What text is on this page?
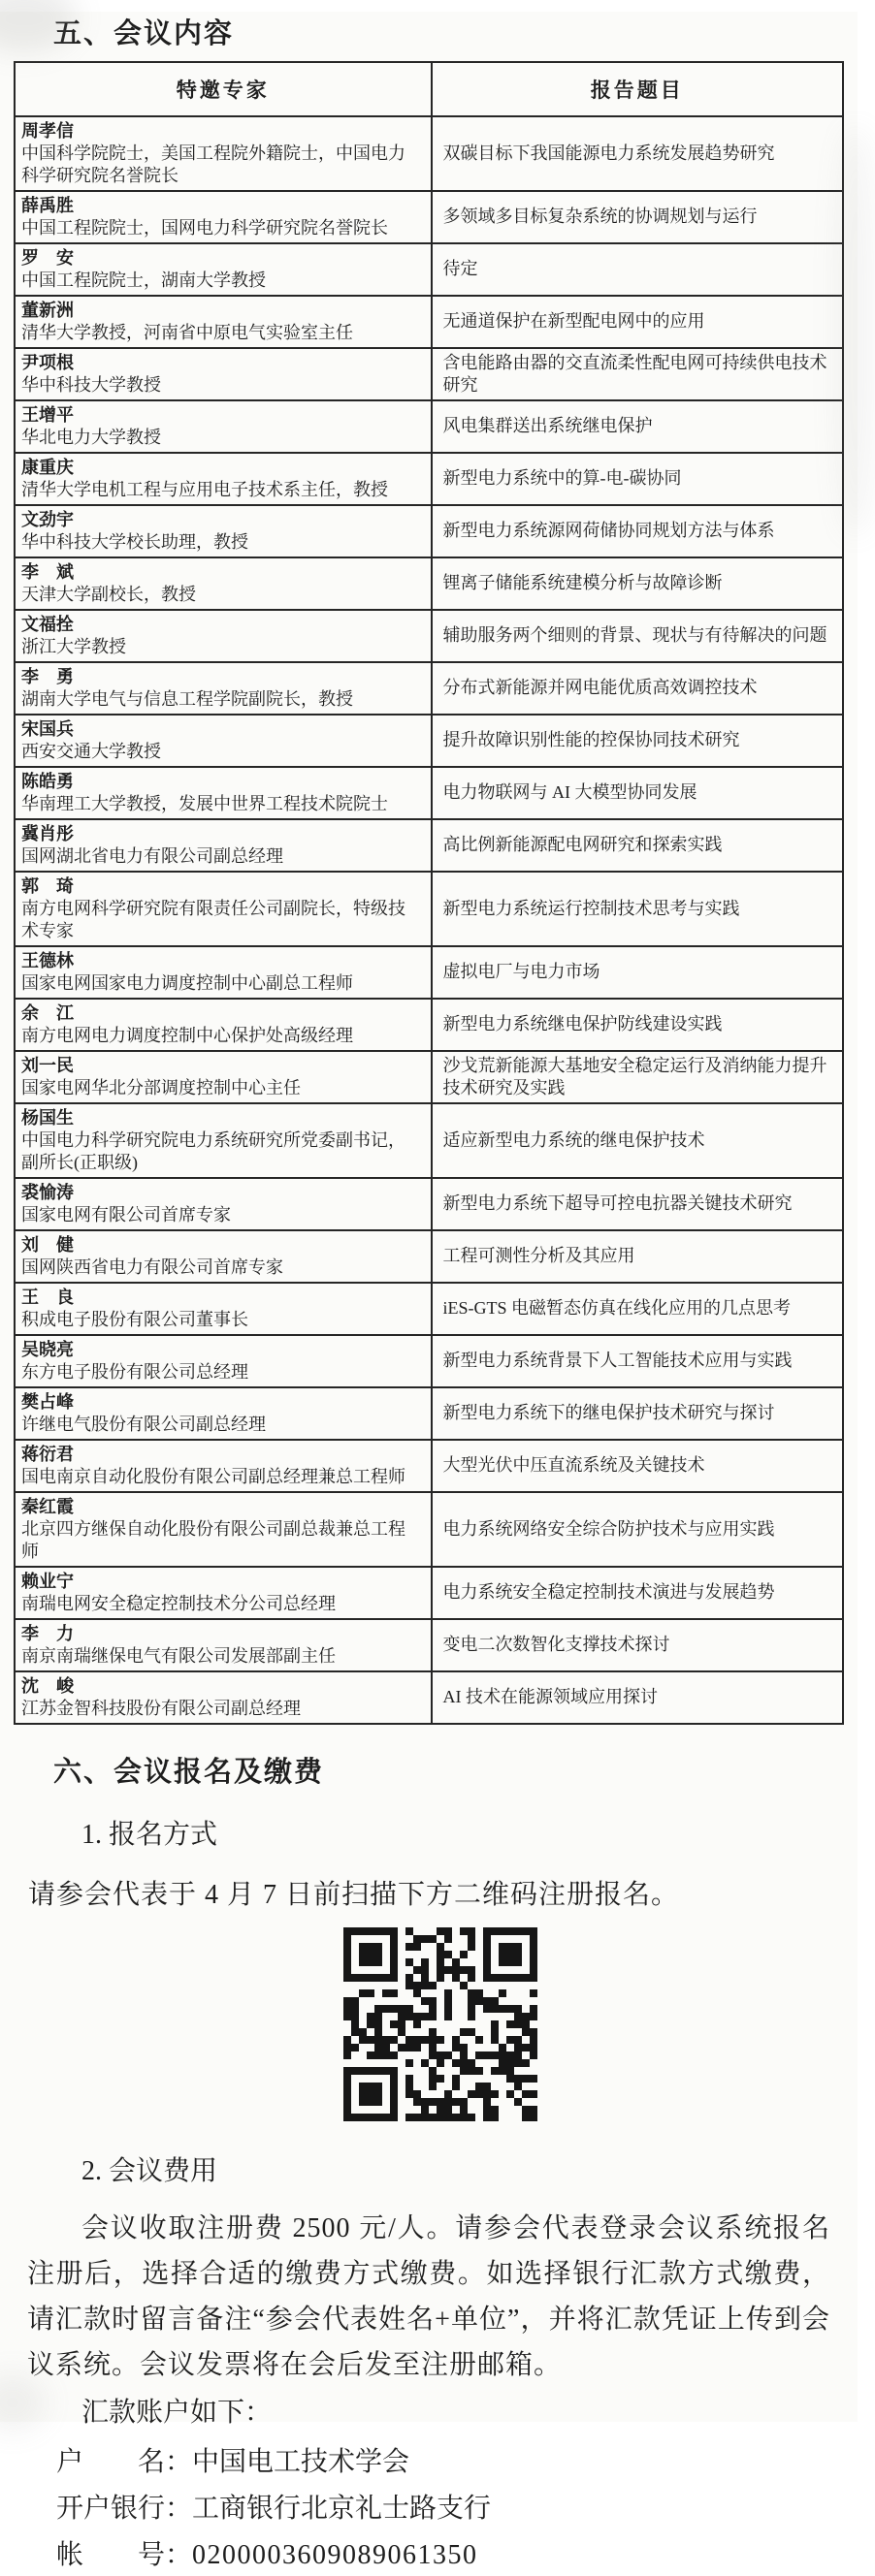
五、会议内容
特邀专家	报告题目

周孝信
中国科学院院士，美国工程院外籍院士，中国电力科学研究院名誉院长	双碳目标下我国能源电力系统发展趋势研究

薛禹胜
中国工程院院士，国网电力科学研究院名誉院长	多领域多目标复杂系统的协调规划与运行

罗　安
中国工程院院士，湖南大学教授	待定

董新洲
清华大学教授，河南省中原电气实验室主任	无通道保护在新型配电网中的应用

尹项根
华中科技大学教授	含电能路由器的交直流柔性配电网可持续供电技术研究

王增平
华北电力大学教授	风电集群送出系统继电保护

康重庆
清华大学电机工程与应用电子技术系主任，教授	新型电力系统中的算-电-碳协同

文劲宇
华中科技大学校长助理，教授	新型电力系统源网荷储协同规划方法与体系

李　斌
天津大学副校长，教授	锂离子储能系统建模分析与故障诊断

文福拴
浙江大学教授	辅助服务两个细则的背景、现状与有待解决的问题

李　勇
湖南大学电气与信息工程学院副院长，教授	分布式新能源并网电能优质高效调控技术

宋国兵
西安交通大学教授	提升故障识别性能的控保协同技术研究

陈皓勇
华南理工大学教授，发展中世界工程技术院院士	电力物联网与 AI 大模型协同发展

冀肖彤
国网湖北省电力有限公司副总经理	高比例新能源配电网研究和探索实践

郭　琦
南方电网科学研究院有限责任公司副院长，特级技术专家	新型电力系统运行控制技术思考与实践

王德林
国家电网国家电力调度控制中心副总工程师	虚拟电厂与电力市场

余　江
南方电网电力调度控制中心保护处高级经理	新型电力系统继电保护防线建设实践

刘一民
国家电网华北分部调度控制中心主任	沙戈荒新能源大基地安全稳定运行及消纳能力提升技术研究及实践

杨国生
中国电力科学研究院电力系统研究所党委副书记，副所长(正职级)	适应新型电力系统的继电保护技术

裘愉涛
国家电网有限公司首席专家	新型电力系统下超导可控电抗器关键技术研究

刘　健
国网陕西省电力有限公司首席专家	工程可测性分析及其应用

王　良
积成电子股份有限公司董事长	iES-GTS 电磁暂态仿真在线化应用的几点思考

吴晓亮
东方电子股份有限公司总经理	新型电力系统背景下人工智能技术应用与实践

樊占峰
许继电气股份有限公司副总经理	新型电力系统下的继电保护技术研究与探讨

蒋衍君
国电南京自动化股份有限公司副总经理兼总工程师	大型光伏中压直流系统及关键技术

秦红霞
北京四方继保自动化股份有限公司副总裁兼总工程师	电力系统网络安全综合防护技术与应用实践

赖业宁
南瑞电网安全稳定控制技术分公司总经理	电力系统安全稳定控制技术演进与发展趋势

李　力
南京南瑞继保电气有限公司发展部副主任	变电二次数智化支撑技术探讨

沈　峻
江苏金智科技股份有限公司副总经理	AI 技术在能源领域应用探讨
六、会议报名及缴费
1. 报名方式
请参会代表于 4 月 7 日前扫描下方二维码注册报名。
2. 会议费用
会议收取注册费 2500 元/人。请参会代表登录会议系统报名注册后，选择合适的缴费方式缴费。如选择银行汇款方式缴费，请汇款时留言备注“参会代表姓名+单位”，并将汇款凭证上传到会议系统。会议发票将在会后发至注册邮箱。
汇款账户如下：
户　　名：中国电工技术学会
开户银行：工商银行北京礼士路支行
帐　　号：0200003609089061350
